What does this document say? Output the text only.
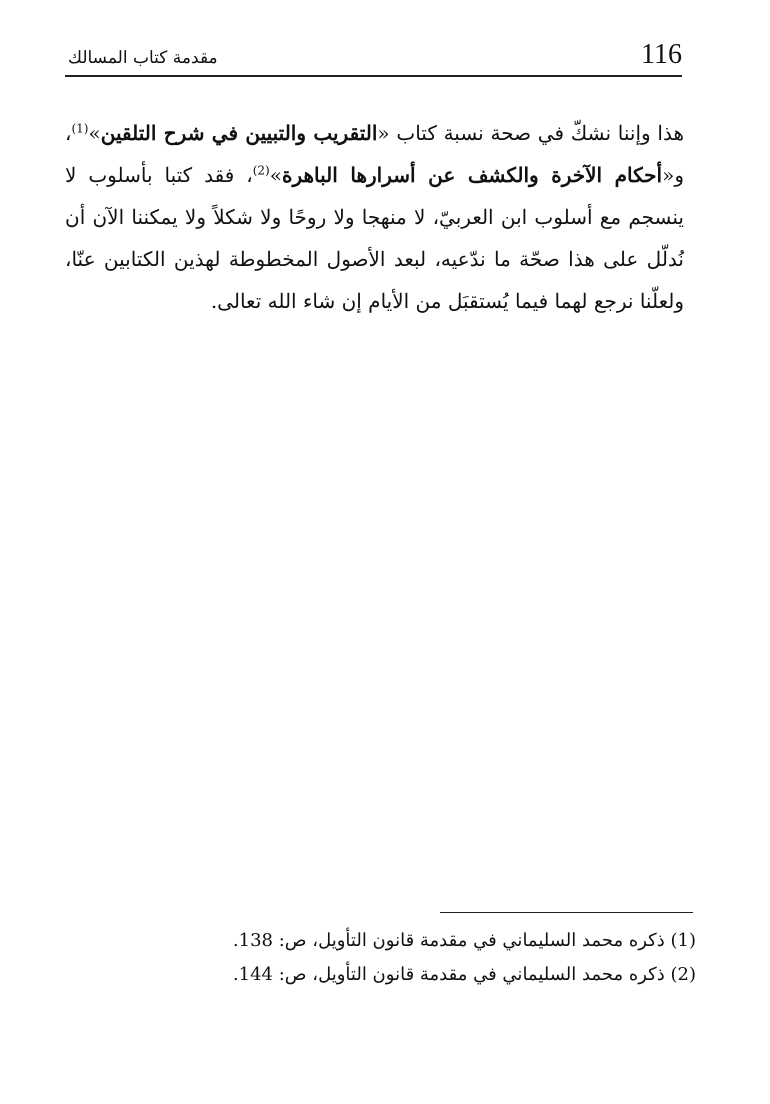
116
مقدمة كتاب المسالك
هذا وإننا نشكّ في صحة نسبة كتاب «التقريب والتبيين في شرح التلقين»$^{(1)}$، و«أحكام الآخرة والكشف عن أسرارها الباهرة»$^{(2)}$، فقد كتبا بأسلوب لا ينسجم مع أسلوب ابن العربيّ، لا منهجا ولا روحًا ولا شكلاً ولا يمكننا الآن أن نُدلّل على هذا صحّة ما ندّعيه، لبعد الأصول المخطوطة لهذين الكتابين عنّا، ولعلّنا نرجع لهما فيما يُستقبَل من الأيام إن شاء الله تعالى.
(1) ذكره محمد السليماني في مقدمة قانون التأويل، ص: 138.
(2) ذكره محمد السليماني في مقدمة قانون التأويل، ص: 144.
